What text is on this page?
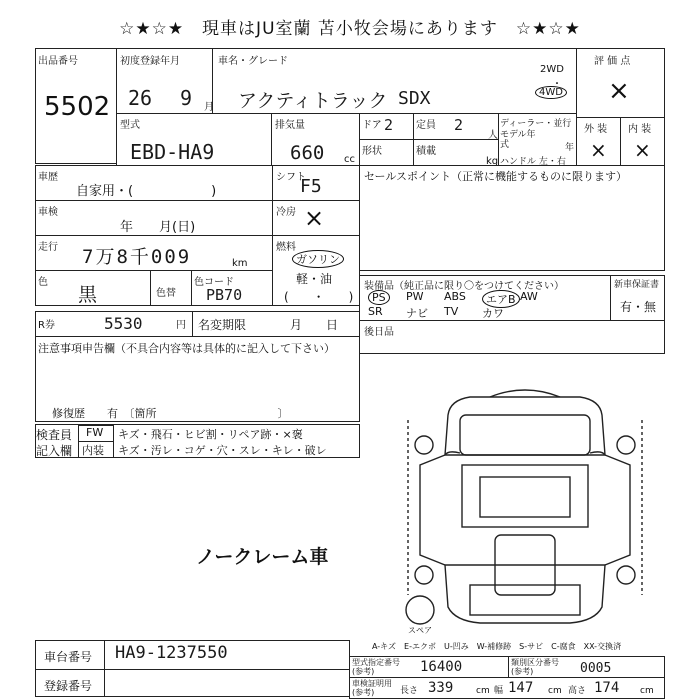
☆★☆★　現車はJU室蘭 苫小牧会場にあります　☆★☆★
出品番号
5502
初度登録年月
26 9 月
車名・グレード
アクティトラック SDX
2WD
・
4WD
評 価 点
×
型式
EBD-HA9
排気量
660 cc
ドア 2 定員 2
人
形状	積載
kg
ディーラー・並行
モデル年式	年
ハンドル 左・右
外 装
×
内 装
×
車歴
自家用・(　　　　　　)
シフト
F5
車検
年　　月(日)
冷房 ×
走行 7万8千009	km
燃料
ガソリン
軽・油
(　　・　　)
色
黒	色替
色コード
PB70
R券	5530	円 名変期限	月　　日
注意事項申告欄（不具合内容等は具体的に記入して下さい）
修復歴　　有　〔箇所　　　　　　　　　　　〕
セールスポイント（正常に機能するものに限ります）
装備品（純正品に限り〇をつけてください）
PS	PW ABS	エアB AW
SR ナビ TV カワ
新車保証書
有・無
後日品
検査員
記入欄
FW
内装
キズ・飛石・ヒビ割・リペア跡・×褒
キズ・汚レ・コゲ・穴・スレ・キレ・破レ
ノークレーム車
スペア
A-キズ　E-エクボ　U-凹み　W-補修跡　S-サビ　C-腐食　XX-交換済
車台番号 HA9-1237550
登録番号
型式指定番号(参考)	16400	類別区分番号(参考)	0005
車検証明用(参考)	長さ 339	cm 幅 147 cm 高さ 174 cm
